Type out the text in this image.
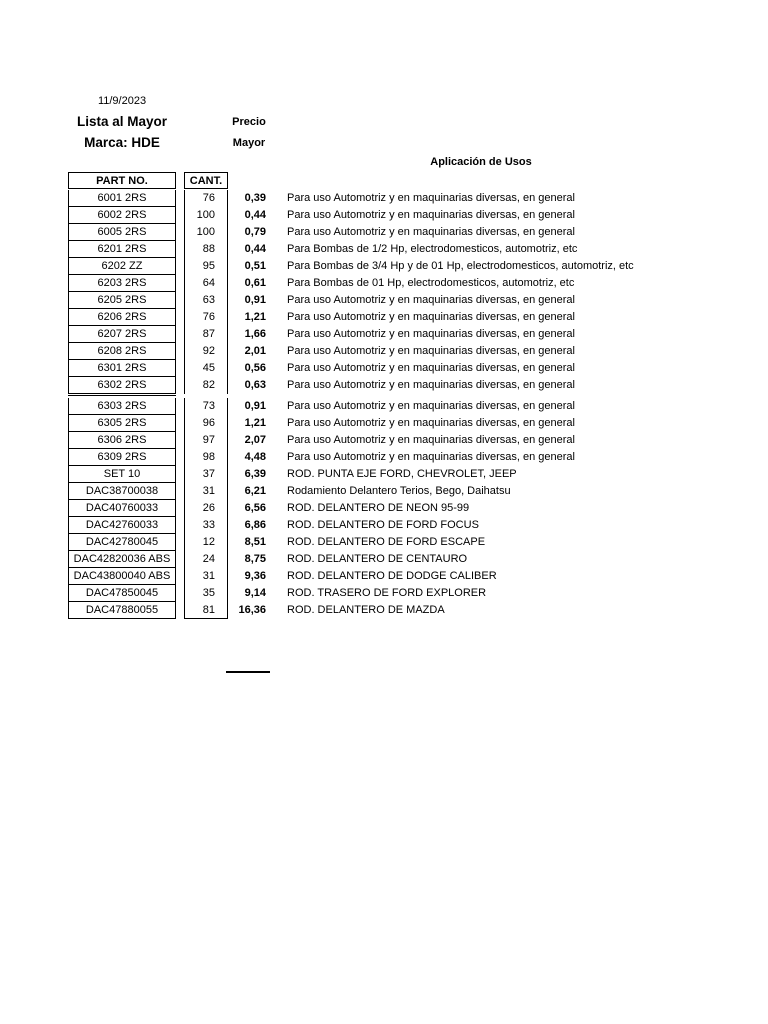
11/9/2023
Lista al Mayor
Marca: HDE
Precio
Mayor
Aplicación de Usos
PART NO.	CANT.
6001 2RS	76	0,39 Para uso Automotriz y en maquinarias diversas, en general
6002 2RS	100	0,44 Para uso Automotriz y en maquinarias diversas, en general
6005 2RS	100	0,79 Para uso Automotriz y en maquinarias diversas, en general
6201 2RS	88	0,44 Para Bombas de 1/2 Hp, electrodomesticos, automotriz, etc
6202 ZZ	95	0,51 Para Bombas de 3/4 Hp y de 01 Hp, electrodomesticos, automotriz, etc
6203 2RS	64	0,61 Para Bombas de 01 Hp, electrodomesticos, automotriz, etc
6205 2RS	63	0,91 Para uso Automotriz y en maquinarias diversas, en general
6206 2RS	76	1,21 Para uso Automotriz y en maquinarias diversas, en general
6207 2RS	87	1,66 Para uso Automotriz y en maquinarias diversas, en general
6208 2RS	92	2,01 Para uso Automotriz y en maquinarias diversas, en general
6301 2RS	45	0,56 Para uso Automotriz y en maquinarias diversas, en general
6302 2RS	82	0,63 Para uso Automotriz y en maquinarias diversas, en general
6303 2RS	73	0,91 Para uso Automotriz y en maquinarias diversas, en general
6305 2RS	96	1,21 Para uso Automotriz y en maquinarias diversas, en general
6306 2RS	97	2,07 Para uso Automotriz y en maquinarias diversas, en general
6309 2RS	98	4,48 Para uso Automotriz y en maquinarias diversas, en general
SET 10	37	6,39 ROD. PUNTA EJE FORD, CHEVROLET, JEEP
DAC38700038	31	6,21 Rodamiento Delantero Terios, Bego, Daihatsu
DAC40760033	26	6,56 ROD. DELANTERO DE NEON 95-99
DAC42760033	33	6,86 ROD. DELANTERO DE FORD FOCUS
DAC42780045	12	8,51 ROD. DELANTERO DE FORD ESCAPE
DAC42820036 ABS	24	8,75 ROD. DELANTERO DE CENTAURO
DAC43800040 ABS	31	9,36 ROD. DELANTERO DE DODGE CALIBER
DAC47850045	35	9,14 ROD. TRASERO DE FORD EXPLORER
DAC47880055	81	16,36 ROD. DELANTERO DE MAZDA
